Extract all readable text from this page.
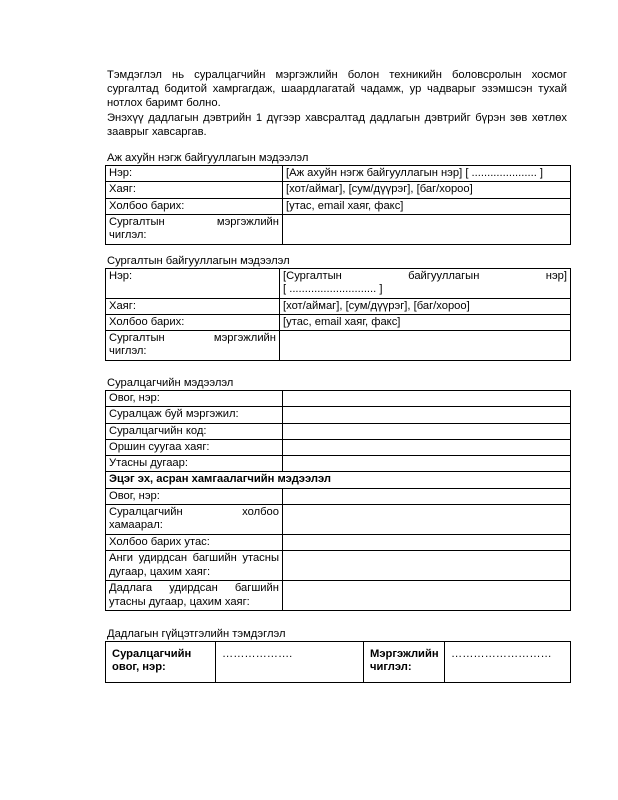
Тэмдэглэл нь суралцагчийн мэргэжлийн болон техникийн боловсролын хосмог сургалтад бодитой хамргагдаж, шаардлагатай чадамж, ур чадварыг эзэмшсэн тухай нотлох баримт болно.

Энэхүү дадлагын дэвтрийн 1 дүгээр хавсралтад дадлагын дэвтрийг бүрэн зөв хөтлөх зааврыг хавсаргав.

Аж ахуйн нэгж байгууллагын мэдээлэл
Нэр:	[Аж ахуйн нэгж байгууллагын нэр] [ ..................... ]
Хаяг:	[хот/аймаг], [сум/дүүрэг], [баг/хороо]
Холбоо барих:	[утас, email хаяг, факс]

Сургалтын мэргэжлийн
чиглэл:	
Сургалтын байгууллагын мэдээлэл
Нэр:	[Сургалтын байгууллагын нэр]
[ ............................ ]
Хаяг:	[хот/аймаг], [сум/дүүрэг], [баг/хороо]
Холбоо барих:	[утас, email хаяг, факс]

Сургалтын мэргэжлийн
чиглэл:	
Суралцагчийн мэдээлэл
Овог, нэр:	
Суралцаж буй мэргэжил:	
Суралцагчийн код:	
Оршин суугаа хаяг:	
Утасны дугаар:	
Эцэг эх, асран хамгаалагчийн мэдээлэл	
Овог, нэр:	

Суралцагчийн холбоо
хамаарал:	
Холбоо барих утас:	
Анги удирдсан багшийн утасны дугаар, цахим хаяг:	
Дадлага удирдсан багшийн утасны дугаар, цахим хаяг:	
Дадлагын гүйцэтгэлийн тэмдэглэл
Суралцагчийн овог, нэр:	……………….	Мэргэжлийн чиглэл:	………………………
